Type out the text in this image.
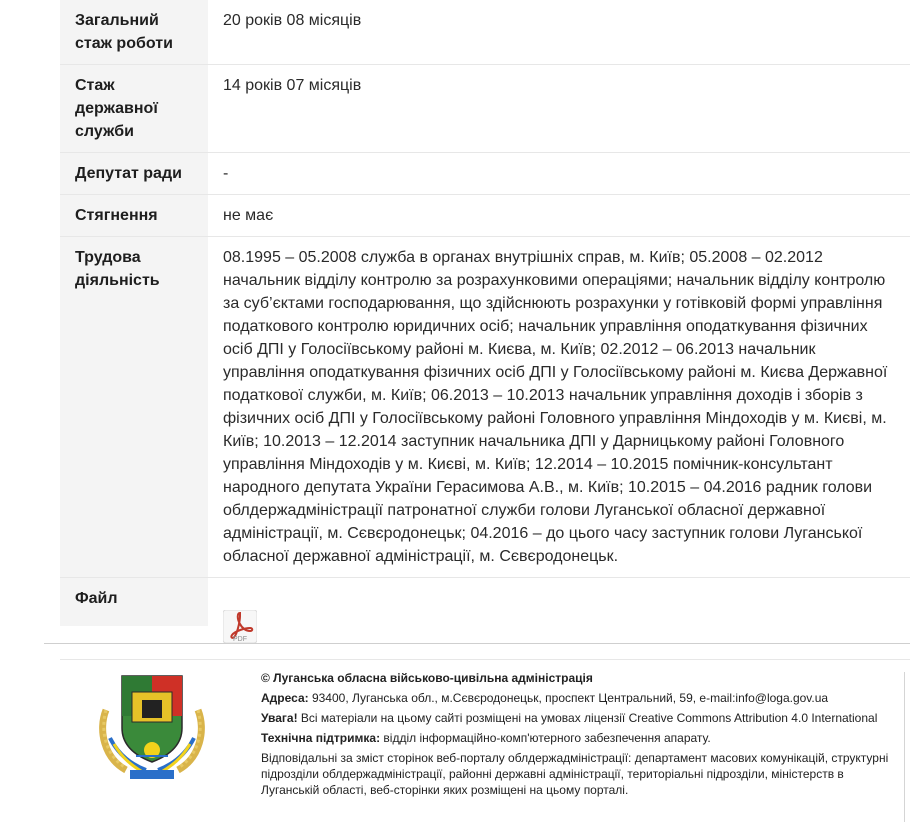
Загальний
стаж роботи
20 років 08 місяців
Стаж
державної
служби
14 років 07 місяців
Депутат ради	-
Стягнення	не має
Трудова
діяльність
08.1995 – 05.2008 служба в органах внутрішніх справ, м. Київ; 05.2008 – 02.2012
начальник відділу контролю за розрахунковими операціями; начальник відділу контролю
за суб’єктами господарювання, що здійснюють розрахунки у готівковій формі управління
податкового контролю юридичних осіб; начальник управління оподаткування фізичних
осіб ДПІ у Голосіївському районі м. Києва, м. Київ; 02.2012 – 06.2013 начальник
управління оподаткування фізичних осіб ДПІ у Голосіївському районі м. Києва Державної
податкової служби, м. Київ; 06.2013 – 10.2013 начальник управління доходів і зборів з
фізичних осіб ДПІ у Голосіївському районі Головного управління Міндоходів у м. Києві, м.
Київ; 10.2013 – 12.2014 заступник начальника ДПІ у Дарницькому районі Головного
управління Міндоходів у м. Києві, м. Київ; 12.2014 – 10.2015 помічник-консультант
народного депутата України Герасимова А.В., м. Київ; 10.2015 – 04.2016 радник голови
облдержадміністрації патронатної служби голови Луганської обласної державної
адміністрації, м. Сєвєродонецьк; 04.2016 – до цього часу заступник голови Луганської
обласної державної адміністрації, м. Сєвєродонецьк.
Файл

PDF

© Луганська обласна військово-цивільна адміністрація

Адреса: 93400, Луганська обл., м.Сєвєродонецьк, проспект Центральний, 59, e-mail:info@loga.gov.ua

Увага! Всі матеріали на цьому сайті розміщені на умовах ліцензії Creative Commons Attribution 4.0 International

Технічна підтримка: відділ інформаційно-комп'ютерного забезпечення апарату.

Відповідальні за зміст сторінок веб-порталу облдержадміністрації: департамент масових комунікацій, структурні підрозділи облдержадміністрації, районні державні адміністрації, територіальні підрозділи, міністерств в Луганській області, веб-сторінки яких розміщені на цьому порталі.
